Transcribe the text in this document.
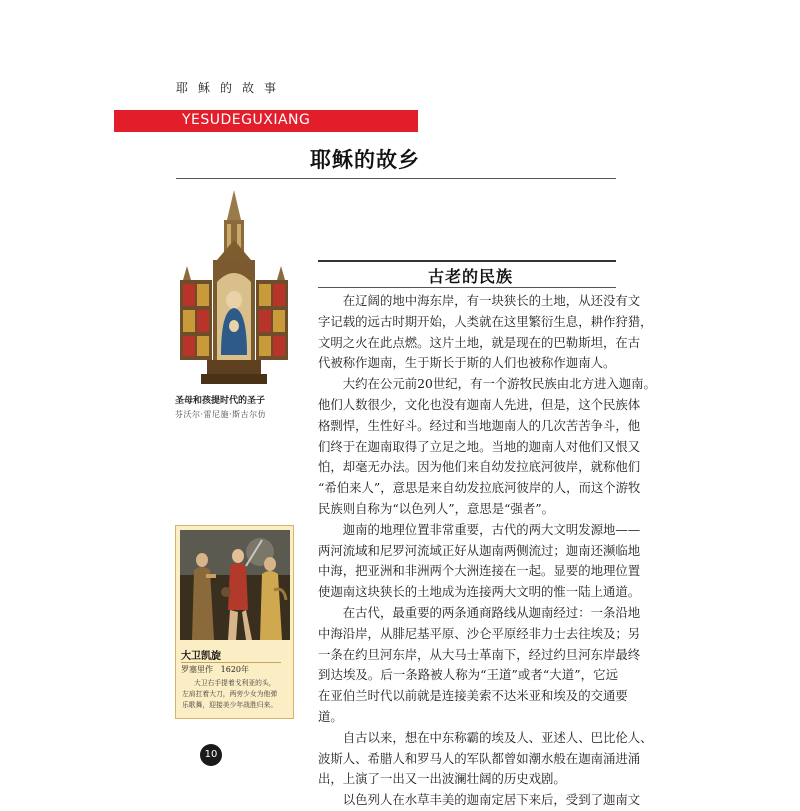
耶稣的故事
YESUDEGUXIANG
耶稣的故乡
圣母和孩提时代的圣子
芬沃尔·雷尼施·斯古尔仿
古老的民族
　　在辽阔的地中海东岸，有一块狭长的土地，从还没有文
字记载的远古时期开始，人类就在这里繁衍生息，耕作狩猎，
文明之火在此点燃。这片土地，就是现在的巴勒斯坦，在古
代被称作迦南，生于斯长于斯的人们也被称作迦南人。
　　大约在公元前20世纪，有一个游牧民族由北方进入迦南。
他们人数很少，文化也没有迦南人先进，但是，这个民族体
格剽悍，生性好斗。经过和当地迦南人的几次苦苦争斗，他
们终于在迦南取得了立足之地。当地的迦南人对他们又恨又
怕，却毫无办法。因为他们来自幼发拉底河彼岸，就称他们
“希伯来人”，意思是来自幼发拉底河彼岸的人，而这个游牧
民族则自称为“以色列人”，意思是“强者”。
　　迦南的地理位置非常重要，古代的两大文明发源地——
两河流域和尼罗河流域正好从迦南两侧流过；迦南还濒临地
中海，把亚洲和非洲两个大洲连接在一起。显要的地理位置
使迦南这块狭长的土地成为连接两大文明的惟一陆上通道。
　　在古代，最重要的两条通商路线从迦南经过：一条沿地
中海沿岸，从腓尼基平原、沙仑平原经非力士去往埃及；另
一条在约旦河东岸，从大马士革南下，经过约旦河东岸最终
到达埃及。后一条路被人称为“王道”或者“大道”，它远
在亚伯兰时代以前就是连接美索不达米亚和埃及的交通要
道。
　　自古以来，想在中东称霸的埃及人、亚述人、巴比伦人、
波斯人、希腊人和罗马人的军队都曾如潮水般在迦南涌进涌
出，上演了一出又一出波澜壮阔的历史戏剧。
　　以色列人在水草丰美的迦南定居下来后，受到了迦南文
大卫凯旋
罗塞里作 1620年
大卫右手提着戈利亚的头，
左肩扛着大刀，两旁少女为他弹
乐歌舞，迎接美少年战胜归来。
10
